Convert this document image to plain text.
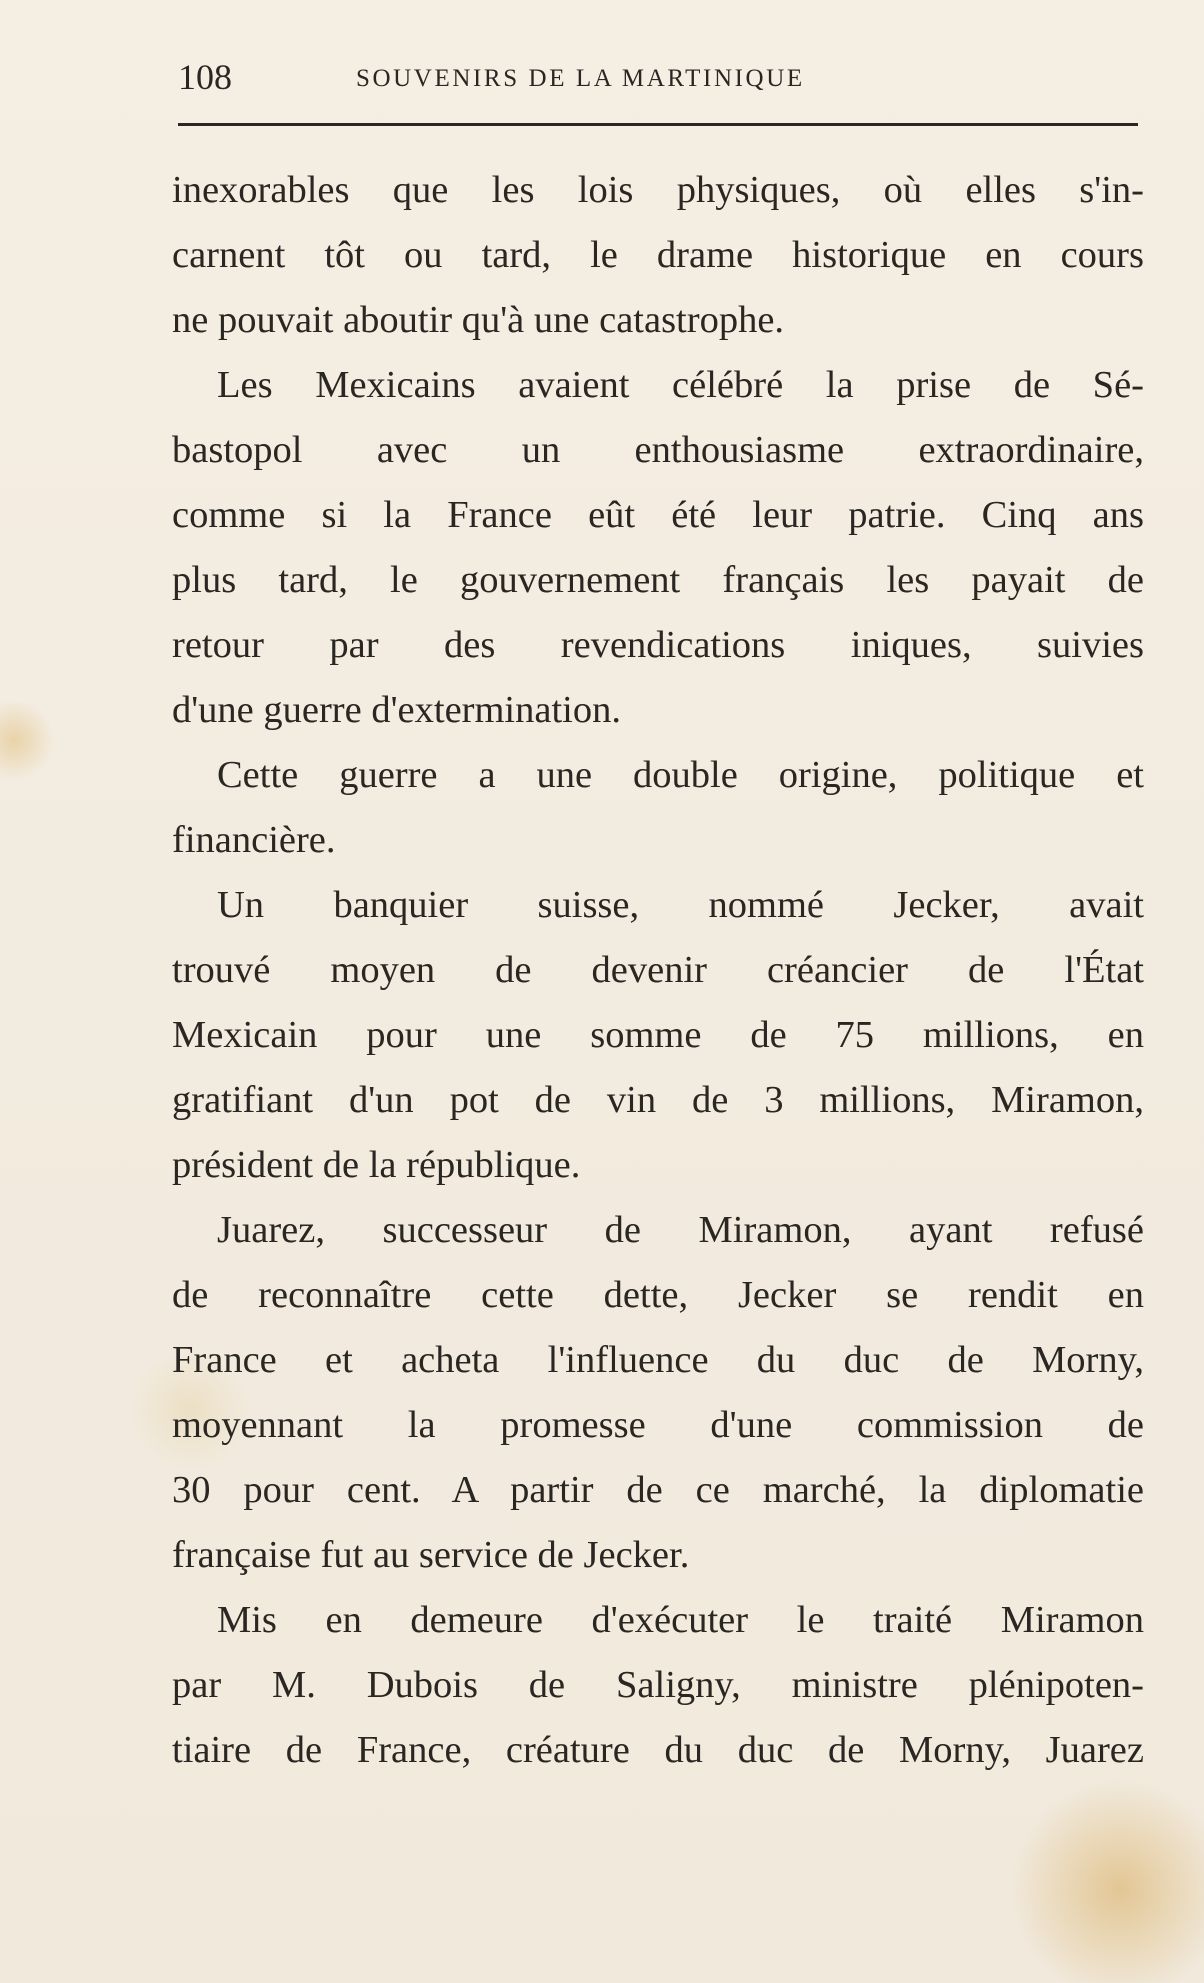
108	SOUVENIRS DE LA MARTINIQUE
inexorables que les lois physiques, où elles s'in-
carnent tôt ou tard, le drame historique en cours
ne pouvait aboutir qu'à une catastrophe.
Les Mexicains avaient célébré la prise de Sé-
bastopol avec un enthousiasme extraordinaire,
comme si la France eût été leur patrie. Cinq ans
plus tard, le gouvernement français les payait de
retour par des revendications iniques, suivies
d'une guerre d'extermination.
Cette guerre a une double origine, politique et
financière.
Un banquier suisse, nommé Jecker, avait
trouvé moyen de devenir créancier de l'État
Mexicain pour une somme de 75 millions, en
gratifiant d'un pot de vin de 3 millions, Miramon,
président de la république.
Juarez, successeur de Miramon, ayant refusé
de reconnaître cette dette, Jecker se rendit en
France et acheta l'influence du duc de Morny,
moyennant la promesse d'une commission de
30 pour cent. A partir de ce marché, la diplomatie
française fut au service de Jecker.
Mis en demeure d'exécuter le traité Miramon
par M. Dubois de Saligny, ministre plénipoten-
tiaire de France, créature du duc de Morny, Juarez
